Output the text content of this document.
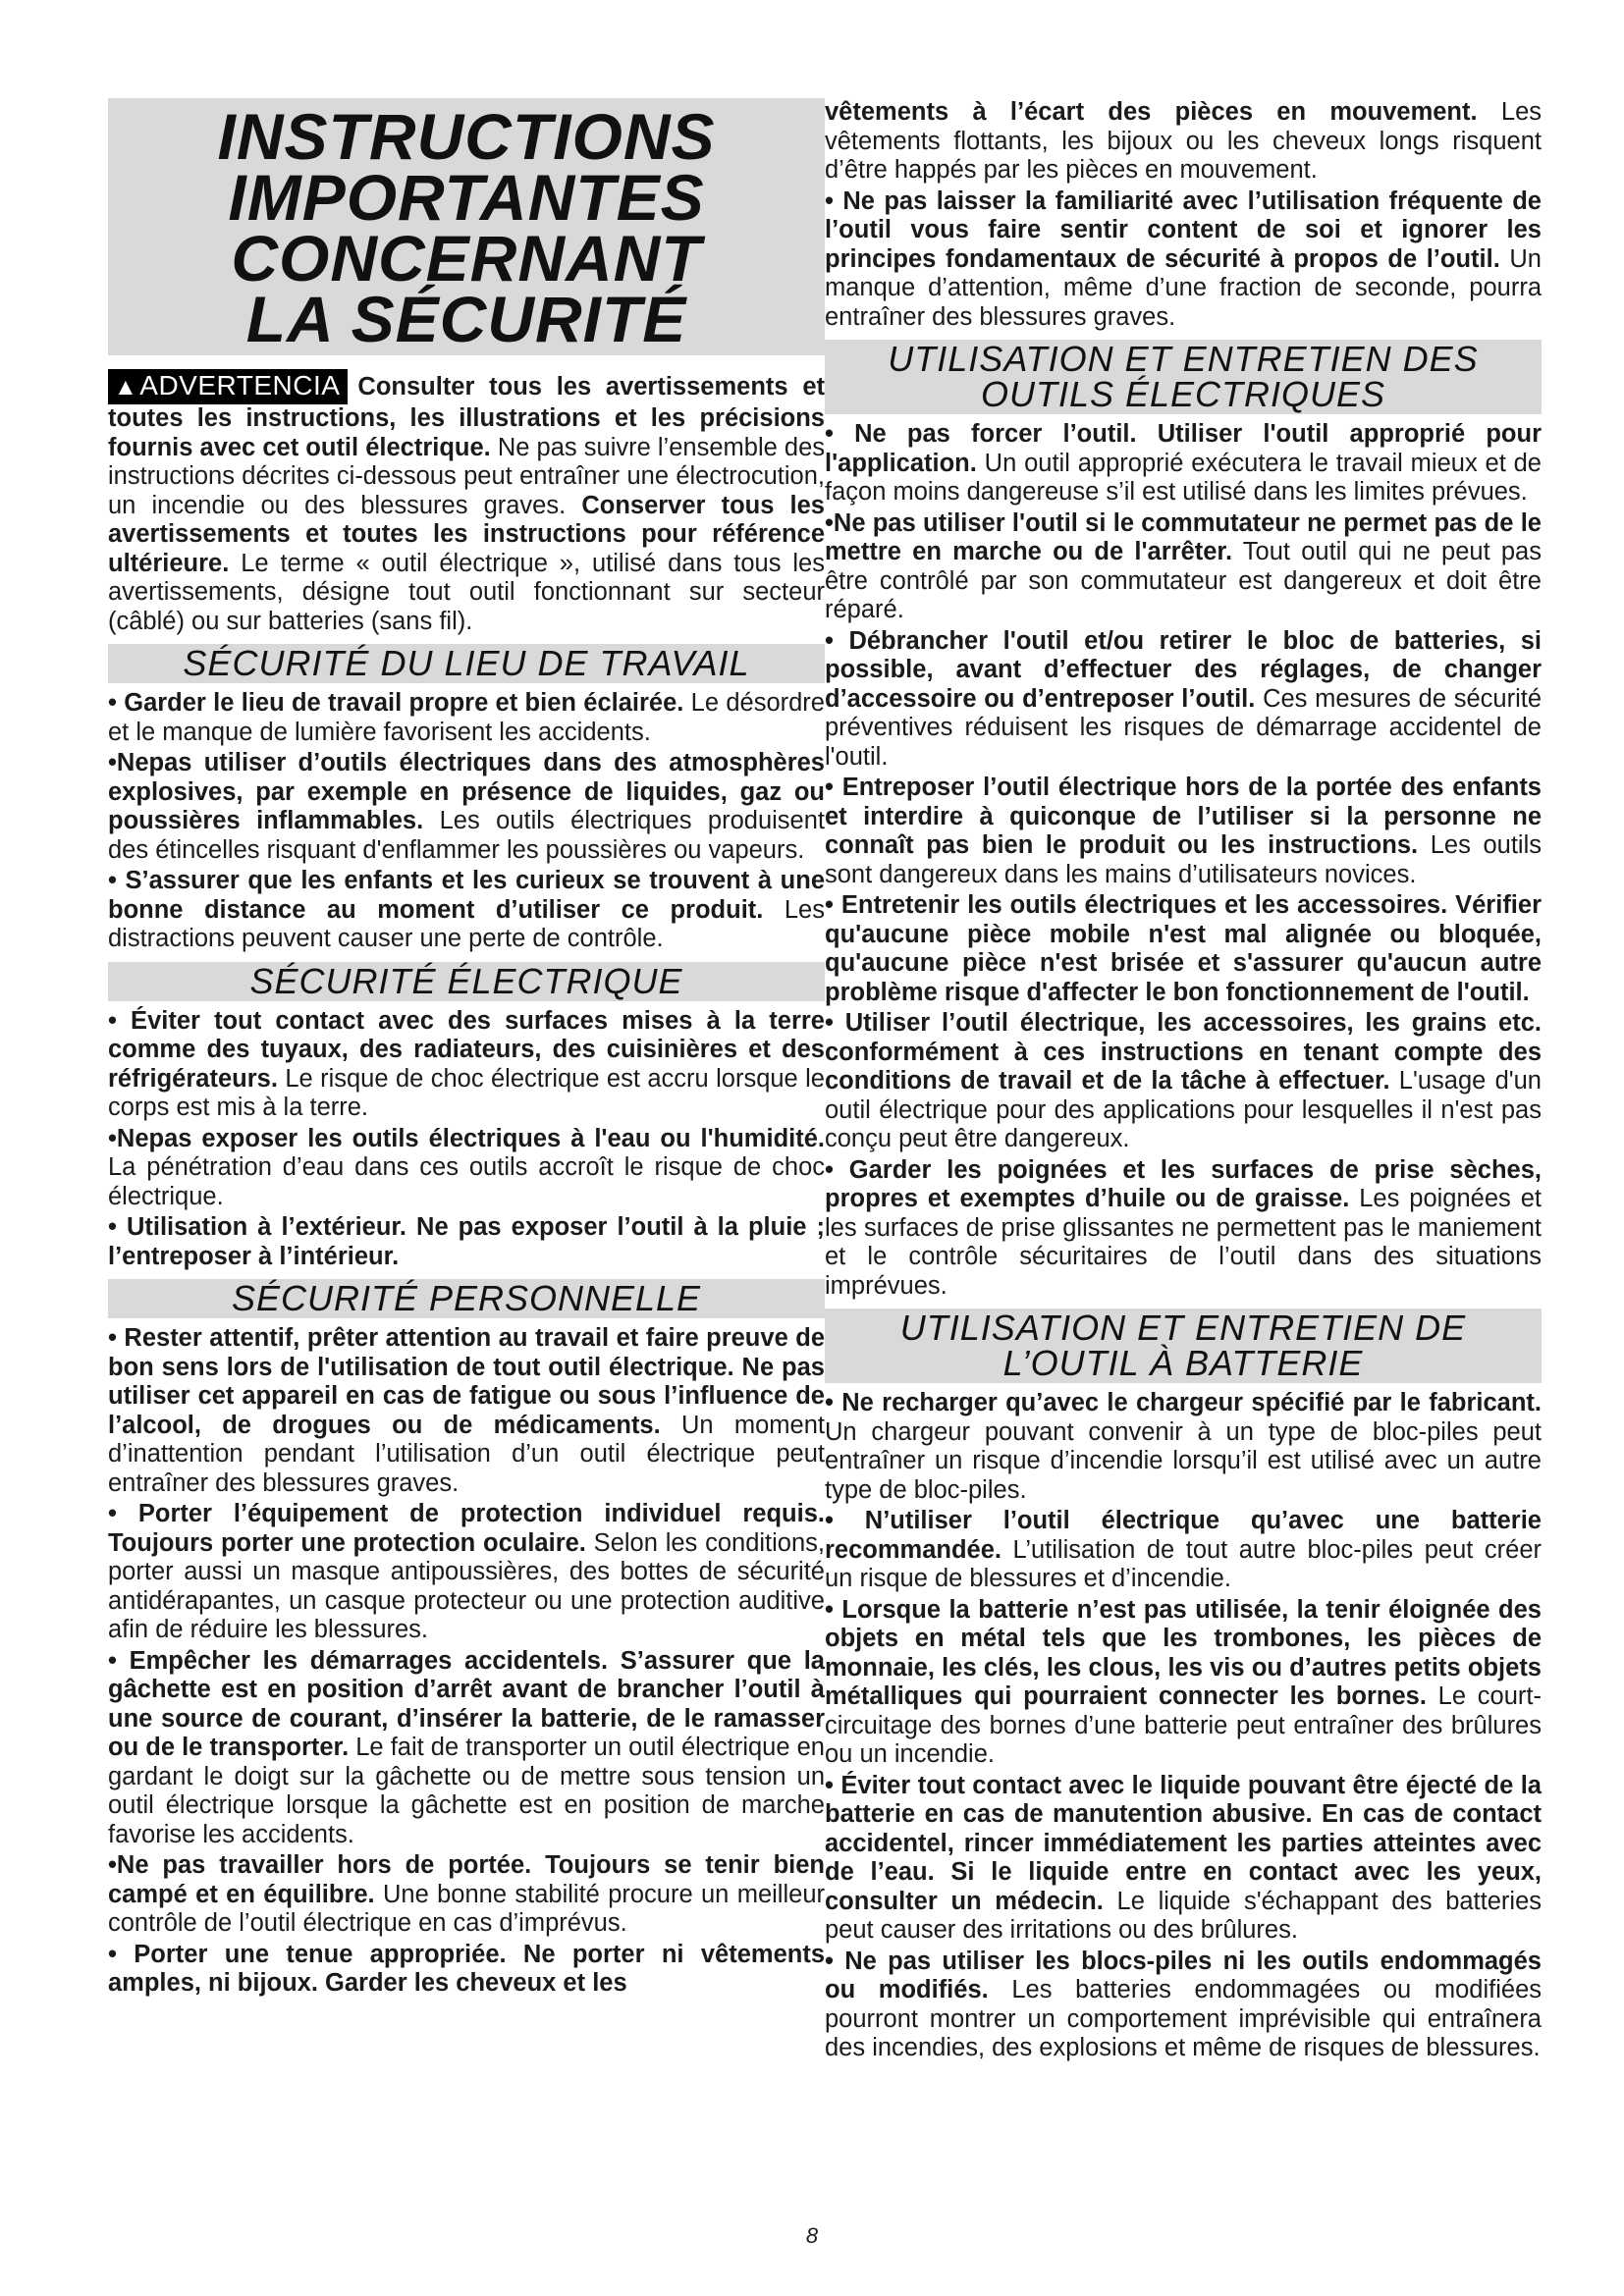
INSTRUCTIONS
IMPORTANTES
CONCERNANT
LA SÉCURITÉ

▲ADVERTENCIA Consulter tous les avertissements et toutes les instructions, les illustrations et les précisions fournis avec cet outil électrique. Ne pas suivre l’ensemble des instructions décrites ci-dessous peut entraîner une électrocution, un incendie ou des blessures graves. Conserver tous les avertissements et toutes les instructions pour référence ultérieure. Le terme « outil électrique », utilisé dans tous les avertissements, désigne tout outil fonctionnant sur secteur (câblé) ou sur batteries (sans fil).

SÉCURITÉ DU LIEU DE TRAVAIL

• Garder le lieu de travail propre et bien éclairée. Le désordre et le manque de lumière favorisent les accidents.

•Nepas utiliser d’outils électriques dans des atmosphères explosives, par exemple en présence de liquides, gaz ou poussières inflammables. Les outils électriques produisent des étincelles risquant d'enflammer les poussières ou vapeurs.

• S’assurer que les enfants et les curieux se trouvent à une bonne distance au moment d’utiliser ce produit. Les distractions peuvent causer une perte de contrôle.

SÉCURITÉ ÉLECTRIQUE

• Éviter tout contact avec des surfaces mises à la terre comme des tuyaux, des radiateurs, des cuisinières et des réfrigérateurs. Le risque de choc électrique est accru lorsque le corps est mis à la terre.

•Nepas exposer les outils électriques à l'eau ou l'humidité. La pénétration d’eau dans ces outils accroît le risque de choc électrique.

• Utilisation à l’extérieur. Ne pas exposer l’outil à la pluie ; l’entreposer à l’intérieur.

SÉCURITÉ PERSONNELLE

• Rester attentif, prêter attention au travail et faire preuve de bon sens lors de l'utilisation de tout outil électrique. Ne pas utiliser cet appareil en cas de fatigue ou sous l’influence de l’alcool, de drogues ou de médicaments. Un moment d’inattention pendant l’utilisation d’un outil électrique peut entraîner des blessures graves.

• Porter l’équipement de protection individuel requis. Toujours porter une protection oculaire. Selon les conditions, porter aussi un masque antipoussières, des bottes de sécurité antidérapantes, un casque protecteur ou une protection auditive afin de réduire les blessures.

• Empêcher les démarrages accidentels. S’assurer que la gâchette est en position d’arrêt avant de brancher l’outil à une source de courant, d’insérer la batterie, de le ramasser ou de le transporter. Le fait de transporter un outil électrique en gardant le doigt sur la gâchette ou de mettre sous tension un outil électrique lorsque la gâchette est en position de marche favorise les accidents.

•Ne pas travailler hors de portée. Toujours se tenir bien campé et en équilibre. Une bonne stabilité procure un meilleur contrôle de l’outil électrique en cas d’imprévus.

• Porter une tenue appropriée. Ne porter ni vêtements amples, ni bijoux. Garder les cheveux et les

vêtements à l’écart des pièces en mouvement. Les vêtements flottants, les bijoux ou les cheveux longs risquent d’être happés par les pièces en mouvement.

• Ne pas laisser la familiarité avec l’utilisation fréquente de l’outil vous faire sentir content de soi et ignorer les principes fondamentaux de sécurité à propos de l’outil. Un manque d’attention, même d’une fraction de seconde, pourra entraîner des blessures graves.

UTILISATION ET ENTRETIEN DES
OUTILS ÉLECTRIQUES

• Ne pas forcer l’outil. Utiliser l'outil approprié pour l'application. Un outil approprié exécutera le travail mieux et de façon moins dangereuse s’il est utilisé dans les limites prévues.

•Ne pas utiliser l'outil si le commutateur ne permet pas de le mettre en marche ou de l'arrêter. Tout outil qui ne peut pas être contrôlé par son commutateur est dangereux et doit être réparé.

• Débrancher l'outil et/ou retirer le bloc de batteries, si possible, avant d’effectuer des réglages, de changer d’accessoire ou d’entreposer l’outil. Ces mesures de sécurité préventives réduisent les risques de démarrage accidentel de l'outil.

• Entreposer l’outil électrique hors de la portée des enfants et interdire à quiconque de l’utiliser si la personne ne connaît pas bien le produit ou les instructions. Les outils sont dangereux dans les mains d’utilisateurs novices.

• Entretenir les outils électriques et les accessoires. Vérifier qu'aucune pièce mobile n'est mal alignée ou bloquée, qu'aucune pièce n'est brisée et s'assurer qu'aucun autre problème risque d'affecter le bon fonctionnement de l'outil.

• Utiliser l’outil électrique, les accessoires, les grains etc. conformément à ces instructions en tenant compte des conditions de travail et de la tâche à effectuer. L'usage d'un outil électrique pour des applications pour lesquelles il n'est pas conçu peut être dangereux.

• Garder les poignées et les surfaces de prise sèches, propres et exemptes d’huile ou de graisse. Les poignées et les surfaces de prise glissantes ne permettent pas le maniement et le contrôle sécuritaires de l’outil dans des situations imprévues.

UTILISATION ET ENTRETIEN DE
L’OUTIL À BATTERIE

• Ne recharger qu’avec le chargeur spécifié par le fabricant. Un chargeur pouvant convenir à un type de bloc-piles peut entraîner un risque d’incendie lorsqu’il est utilisé avec un autre type de bloc-piles.

• N’utiliser l’outil électrique qu’avec une batterie recommandée. L’utilisation de tout autre bloc-piles peut créer un risque de blessures et d’incendie.

• Lorsque la batterie n’est pas utilisée, la tenir éloignée des objets en métal tels que les trombones, les pièces de monnaie, les clés, les clous, les vis ou d’autres petits objets métalliques qui pourraient connecter les bornes. Le court-circuitage des bornes d’une batterie peut entraîner des brûlures ou un incendie.

• Éviter tout contact avec le liquide pouvant être éjecté de la batterie en cas de manutention abusive. En cas de contact accidentel, rincer immédiatement les parties atteintes avec de l’eau. Si le liquide entre en contact avec les yeux, consulter un médecin. Le liquide s'échappant des batteries peut causer des irritations ou des brûlures.

• Ne pas utiliser les blocs-piles ni les outils endommagés ou modifiés. Les batteries endommagées ou modifiées pourront montrer un comportement imprévisible qui entraînera des incendies, des explosions et même de risques de blessures.

8
